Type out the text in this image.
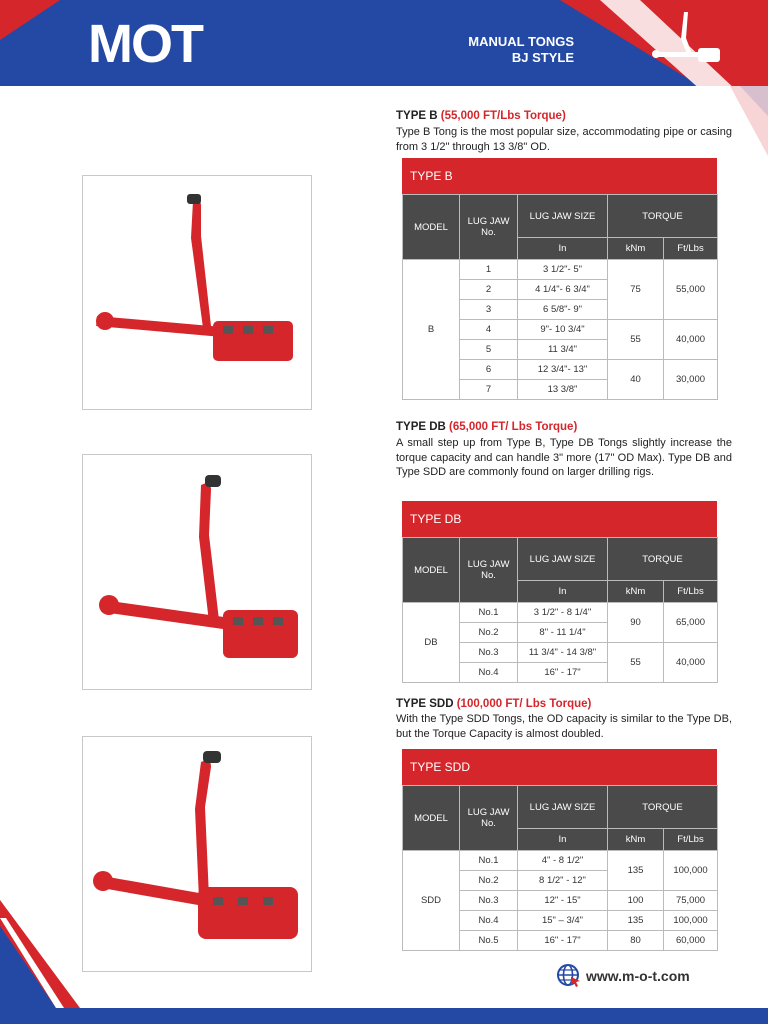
MOT	MANUAL TONGS
BJ STYLE
TYPE B (55,000 FT/Lbs Torque)
Type B Tong is the most popular size, accommodating pipe or casing from 3 1/2" through 13 3/8" OD.
TYPE B
MODEL	LUG JAW No.	LUG JAW SIZE	TORQUE	
		In	kNm	Ft/Lbs
B	1	3 1/2"- 5"	75	55,000
	2	4 1/4"- 6 3/4"		
	3	6 5/8"- 9"		
	4	9"- 10 3/4"	55	40,000
	5	11 3/4"		
	6	12 3/4"- 13"	40	30,000
	7	13 3/8"		
TYPE DB (65,000 FT/ Lbs Torque)
A small step up from Type B, Type DB Tongs slightly increase the torque capacity and can handle 3" more (17" OD Max). Type DB and Type SDD are commonly found on larger drilling rigs.
TYPE DB
MODEL	LUG JAW No.	LUG JAW SIZE	TORQUE	
		In	kNm	Ft/Lbs
DB	No.1	3 1/2" - 8 1/4"	90	65,000
	No.2	8" - 11 1/4"		
	No.3	11 3/4" - 14 3/8"	55	40,000
	No.4	16" - 17"		
TYPE SDD (100,000 FT/ Lbs Torque)
With the Type SDD Tongs, the OD capacity is similar to the Type DB, but the Torque Capacity is almost doubled.
TYPE SDD
MODEL	LUG JAW No.	LUG JAW SIZE	TORQUE	
		In	kNm	Ft/Lbs
SDD	No.1	4" - 8 1/2"	135	100,000
	No.2	8 1/2" - 12"		
	No.3	12" - 15"	100	75,000
	No.4	15" – 3/4"	135	100,000
	No.5	16" - 17"	80	60,000
www.m-o-t.com
